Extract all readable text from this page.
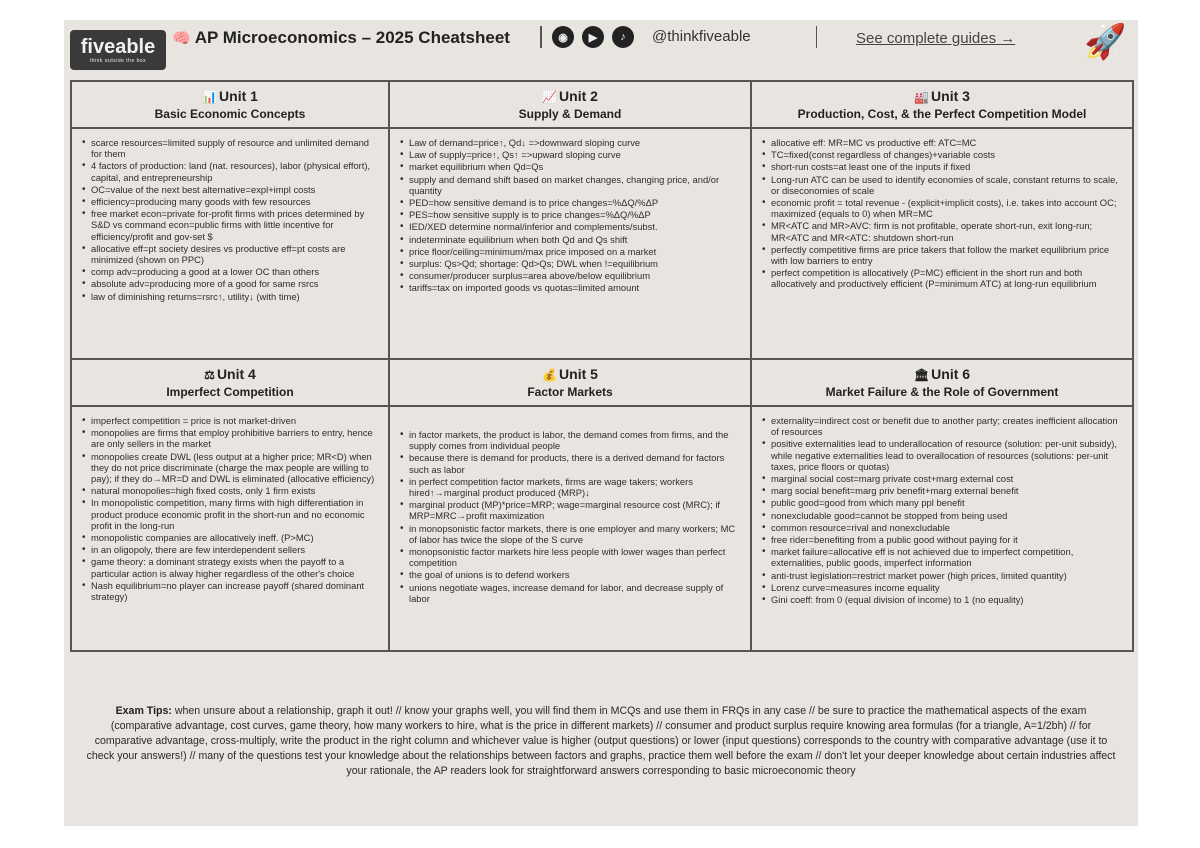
fiveable
think outside the box
🧠 AP Microeconomics – 2025 Cheatsheet	◉	▶	♪	@thinkfiveable	See complete guides → 🚀
📊 Unit 1
Basic Economic Concepts
• scarce resources=limited supply of resource and unlimited demand for them
• 4 factors of production: land (nat. resources), labor (physical effort), capital, and entrepreneurship
• OC=value of the next best alternative=expl+impl costs
• efficiency=producing many goods with few resources
• free market econ=private for-profit firms with prices determined by S&D vs command econ=public firms with little incentive for efficiency/profit and gov-set $
• allocative eff=pt society desires vs productive eff=pt costs are minimized (shown on PPC)
• comp adv=producing a good at a lower OC than others
• absolute adv=producing more of a good for same rsrcs
• law of diminishing returns=rsrc↑, utility↓ (with time)
📈 Unit 2
Supply & Demand
• Law of demand=price↑, Qd↓ =>downward sloping curve
• Law of supply=price↑, Qs↑ =>upward sloping curve
• market equilibrium when Qd=Qs
• supply and demand shift based on market changes, changing price, and/or quantity
• PED=how sensitive demand is to price changes=%ΔQ/%ΔP
• PES=how sensitive supply is to price changes=%ΔQ/%ΔP
• IED/XED determine normal/inferior and complements/subst.
• indeterminate equilibrium when both Qd and Qs shift
• price floor/ceiling=minimum/max price imposed on a market
• surplus: Qs>Qd; shortage: Qd>Qs; DWL when !=equilibrium
• consumer/producer surplus=area above/below equilibrium
• tariffs=tax on imported goods vs quotas=limited amount
🏭 Unit 3
Production, Cost, & the Perfect Competition Model
• allocative eff: MR=MC vs productive eff: ATC=MC
• TC=fixed(const regardless of changes)+variable costs
• short-run costs=at least one of the inputs if fixed
• Long-run ATC can be used to identify economies of scale, constant returns to scale, or diseconomies of scale
• economic profit = total revenue - (explicit+implicit costs), i.e. takes into account OC; maximized (equals to 0) when MR=MC
• MR<ATC and MR>AVC: firm is not profitable, operate short-run, exit long-run; MR<ATC and MR<ATC: shutdown short-run
• perfectly competitive firms are price takers that follow the market equilibrium price with low barriers to entry
• perfect competition is allocatively (P=MC) efficient in the short run and both allocatively and productively efficient (P=minimum ATC) at long-run equilibrium
⚖ Unit 4
Imperfect Competition
• imperfect competition = price is not market-driven
• monopolies are firms that employ prohibitive barriers to entry, hence are only sellers in the market
• monopolies create DWL (less output at a higher price; MR<D) when they do not price discriminate (charge the max people are willing to pay); if they do→MR=D and DWL is eliminated (allocative efficiency)
• natural monopolies=high fixed costs, only 1 firm exists
• In monopolistic competition, many firms with high differentiation in product produce economic profit in the short-run and no economic profit in the long-run
• monopolistic companies are allocatively ineff. (P>MC)
• in an oligopoly, there are few interdependent sellers
• game theory: a dominant strategy exists when the payoff to a particular action is alway higher regardless of the other's choice
• Nash equilibrium=no player can increase payoff (shared dominant strategy)
💰 Unit 5
Factor Markets
• in factor markets, the product is labor, the demand comes from firms, and the supply comes from individual people
• because there is demand for products, there is a derived demand for factors such as labor
• in perfect competition factor markets, firms are wage takers; workers hired↑→marginal product produced (MRP)↓
• marginal product (MP)*price=MRP; wage=marginal resource cost (MRC); if MRP=MRC→profit maximization
• in monopsonistic factor markets, there is one employer and many workers; MC of labor has twice the slope of the S curve
• monopsonistic factor markets hire less people with lower wages than perfect competition
• the goal of unions is to defend workers
• unions negotiate wages, increase demand for labor, and decrease supply of labor
🏛 Unit 6
Market Failure & the Role of Government
• externality=indirect cost or benefit due to another party; creates inefficient allocation of resources
• positive externalities lead to underallocation of resource (solution: per-unit subsidy), while negative externalities lead to overallocation of resources (solutions: per-unit taxes, price floors or quotas)
• marginal social cost=marg private cost+marg external cost
• marg social benefit=marg priv benefit+marg external benefit
• public good=good from which many ppl benefit
• nonexcludable good=cannot be stopped from being used
• common resource=rival and nonexcludable
• free rider=benefiting from a public good without paying for it
• market failure=allocative eff is not achieved due to imperfect competition, externalities, public goods, imperfect information
• anti-trust legislation=restrict market power (high prices, limited quantity)
• Lorenz curve=measures income equality
• Gini coeff: from 0 (equal division of income) to 1 (no equality)
Exam Tips: when unsure about a relationship, graph it out! // know your graphs well, you will find them in MCQs and use them in FRQs in any case // be sure to practice the mathematical aspects of the exam (comparative advantage, cost curves, game theory, how many workers to hire, what is the price in different markets) // consumer and product surplus require knowing area formulas (for a triangle, A=1/2bh) // for comparative advantage, cross-multiply, write the product in the right column and whichever value is higher (output questions) or lower (input questions) corresponds to the country with comparative advantage (use it to check your answers!) // many of the questions test your knowledge about the relationships between factors and graphs, practice them well before the exam // don't let your deeper knowledge about certain industries affect your rationale, the AP readers look for straightforward answers corresponding to basic microeconomic theory
